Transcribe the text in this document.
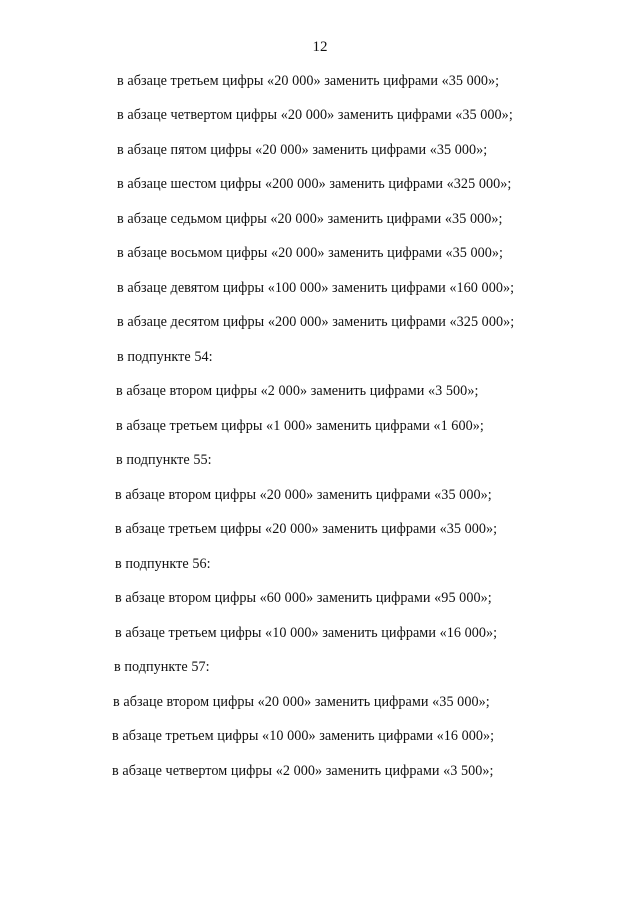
12
в абзаце третьем цифры «20 000» заменить цифрами «35 000»;
в абзаце четвертом цифры «20 000» заменить цифрами «35 000»;
в абзаце пятом цифры «20 000» заменить цифрами «35 000»;
в абзаце шестом цифры «200 000» заменить цифрами «325 000»;
в абзаце седьмом цифры «20 000» заменить цифрами «35 000»;
в абзаце восьмом цифры «20 000» заменить цифрами «35 000»;
в абзаце девятом цифры «100 000» заменить цифрами «160 000»;
в абзаце десятом цифры «200 000» заменить цифрами «325 000»;
в подпункте 54:
в абзаце втором цифры «2 000» заменить цифрами «3 500»;
в абзаце третьем цифры «1 000» заменить цифрами «1 600»;
в подпункте 55:
в абзаце втором цифры «20 000» заменить цифрами «35 000»;
в абзаце третьем цифры «20 000» заменить цифрами «35 000»;
в подпункте 56:
в абзаце втором цифры «60 000» заменить цифрами «95 000»;
в абзаце третьем цифры «10 000» заменить цифрами «16 000»;
в подпункте 57:
в абзаце втором цифры «20 000» заменить цифрами «35 000»;
в абзаце третьем цифры «10 000» заменить цифрами «16 000»;
в абзаце четвертом цифры «2 000» заменить цифрами «3 500»;
